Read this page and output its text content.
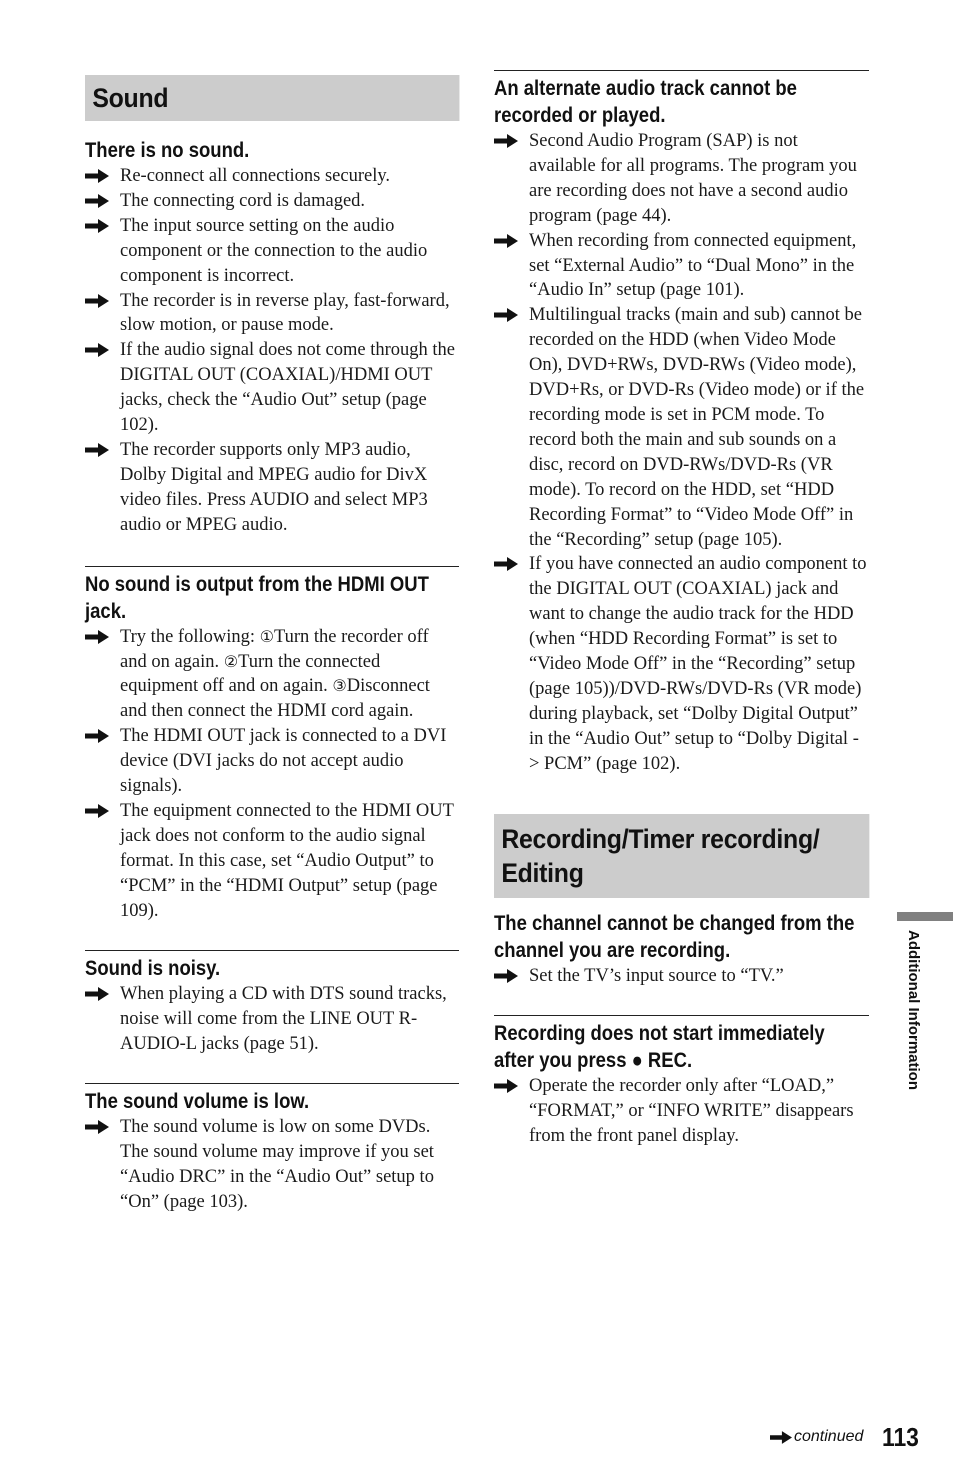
Sound
There is no sound.
Re-connect all connections securely.
The connecting cord is damaged.
The input source setting on the audio component or the connection to the audio component is incorrect.
The recorder is in reverse play, fast-forward, slow motion, or pause mode.
If the audio signal does not come through the DIGITAL OUT (COAXIAL)/HDMI OUT jacks, check the “Audio Out” setup (page 102).
The recorder supports only MP3 audio, Dolby Digital and MPEG audio for DivX video files. Press AUDIO and select MP3 audio or MPEG audio.
No sound is output from the HDMI OUT jack.
Try the following: ①Turn the recorder off and on again. ②Turn the connected equipment off and on again. ③Disconnect and then connect the HDMI cord again.
The HDMI OUT jack is connected to a DVI device (DVI jacks do not accept audio signals).
The equipment connected to the HDMI OUT jack does not conform to the audio signal format. In this case, set “Audio Output” to “PCM” in the “HDMI Output” setup (page 109).
Sound is noisy.
When playing a CD with DTS sound tracks, noise will come from the LINE OUT R-AUDIO-L jacks (page 51).
The sound volume is low.
The sound volume is low on some DVDs. The sound volume may improve if you set “Audio DRC” in the “Audio Out” setup to “On” (page 103).
An alternate audio track cannot be recorded or played.
Second Audio Program (SAP) is not available for all programs. The program you are recording does not have a second audio program (page 44).
When recording from connected equipment, set “External Audio” to “Dual Mono” in the “Audio In” setup (page 101).
Multilingual tracks (main and sub) cannot be recorded on the HDD (when Video Mode On), DVD+RWs, DVD-RWs (Video mode), DVD+Rs, or DVD-Rs (Video mode) or if the recording mode is set in PCM mode. To record both the main and sub sounds on a disc, record on DVD-RWs/DVD-Rs (VR mode). To record on the HDD, set “HDD Recording Format” to “Video Mode Off” in the “Recording” setup (page 105).
If you have connected an audio component to the DIGITAL OUT (COAXIAL) jack and want to change the audio track for the HDD (when “HDD Recording Format” is set to “Video Mode Off” in the “Recording” setup (page 105))/DVD-RWs/DVD-Rs (VR mode) during playback, set “Dolby Digital Output” in the “Audio Out” setup to “Dolby Digital -> PCM” (page 102).
Recording/Timer recording/ Editing
The channel cannot be changed from the channel you are recording.
Set the TV’s input source to “TV.”
Recording does not start immediately after you press ● REC.
Operate the recorder only after “LOAD,” “FORMAT,” or “INFO WRITE” disappears from the front panel display.
Additional Information
continued 113
